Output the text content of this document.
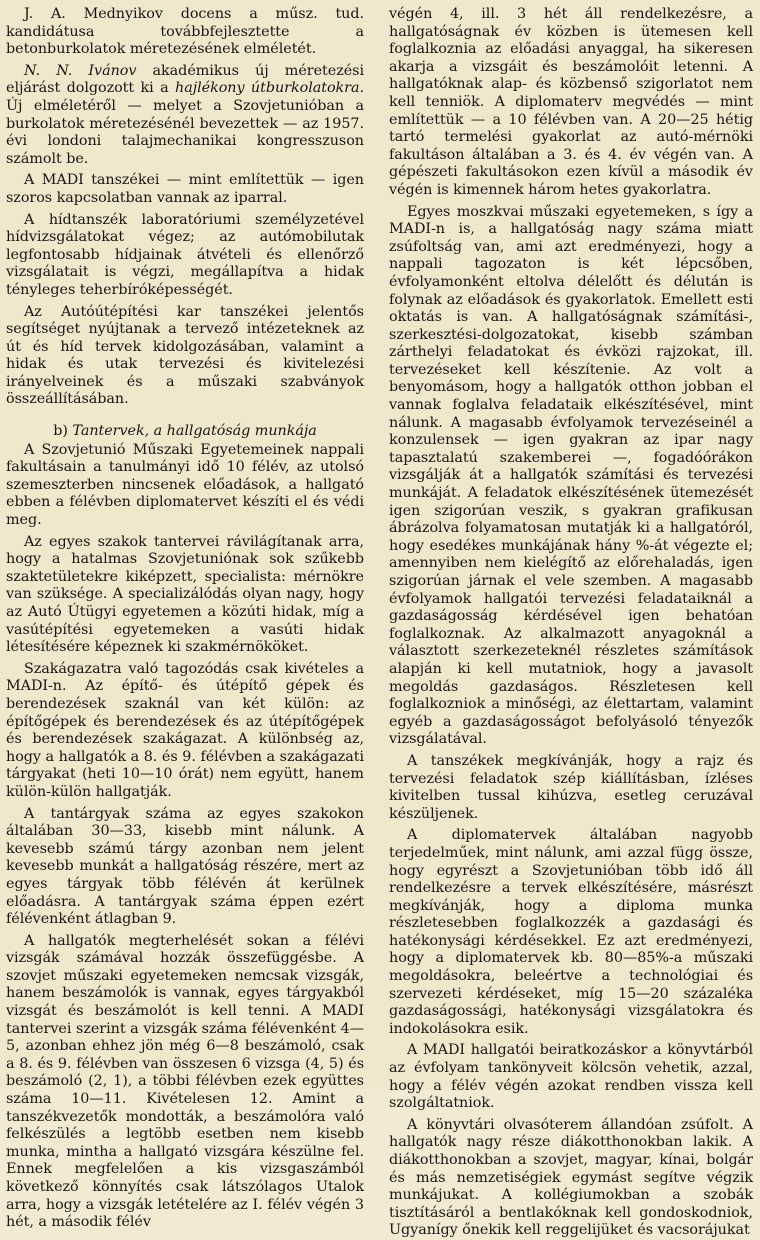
J. A. Mednyikov docens a műsz. tud. kandidátusa továbbfejlesztette a betonburkolatok méretezésének elméletét.

N. N. Ivánov akadémikus új méretezési eljárást dolgozott ki a hajlékony útburkolatokra. Új elméletéről — melyet a Szovjetunióban a burkolatok méretezésénél bevezettek — az 1957. évi londoni talajmechanikai kongresszuson számolt be.

A MADI tanszékei — mint említettük — igen szoros kapcsolatban vannak az iparral.

A hídtanszék laboratóriumi személyzetével hídvizsgálatokat végez; az autómobilutak legfontosabb hídjainak átvételi és ellenőrző vizsgálatait is végzi, megállapítva a hidak tényleges teherbíróképességét.

Az Autóútépítési kar tanszékei jelentős segítséget nyújtanak a tervező intézeteknek az út és híd tervek kidolgozásában, valamint a hidak és utak tervezési és kivitelezési irányelveinek és a műszaki szabványok összeállításában.

b) Tantervek, a hallgatóság munkája

A Szovjetunió Műszaki Egyetemeinek nappali fakultásain a tanulmányi idő 10 félév, az utolsó szemeszterben nincsenek előadások, a hallgató ebben a félévben diplomatervet készíti el és védi meg.

Az egyes szakok tantervei rávilágítanak arra, hogy a hatalmas Szovjetuniónak sok szűkebb szaktetületekre kiképzett, specialista: mérnökre van szüksége. A specializálódás olyan nagy, hogy az Autó Útügyi egyetemen a közúti hidak, míg a vasútépítési egyetemeken a vasúti hidak létesítésére képeznek ki szakmérnököket.

Szakágazatra való tagozódás csak kivételes a MADI-n. Az építő- és útépítő gépek és berendezések szaknál van két külön: az építőgépek és berendezések és az útépítőgépek és berendezések szakágazat. A különbség az, hogy a hallgatók a 8. és 9. félévben a szakágazati tárgyakat (heti 10—10 órát) nem együtt, hanem külön-külön hallgatják.

A tantárgyak száma az egyes szakokon általában 30—33, kisebb mint nálunk. A kevesebb számú tárgy azonban nem jelent kevesebb munkát a hallgatóság részére, mert az egyes tárgyak több félévén át kerülnek előadásra. A tantárgyak száma éppen ezért félévenként átlagban 9.

A hallgatók megterhelését sokan a félévi vizsgák számával hozzák összefüggésbe. A szovjet műszaki egyetemeken nemcsak vizsgák, hanem beszámolók is vannak, egyes tárgyakból vizsgát és beszámolót is kell tenni. A MADI tantervei szerint a vizsgák száma félévenként 4—5, azonban ehhez jön még 6—8 beszámoló, csak a 8. és 9. félévben van összesen 6 vizsga (4, 5) és beszámoló (2, 1), a többi félévben ezek együttes száma 10—11. Kivételesen 12. Amint a tanszékvezetők mondották, a beszámolóra való felkészülés a legtöbb esetben nem kisebb munka, mintha a hallgató vizsgára készülne fel. Ennek megfelelően a kis vizsgaszámból következő könnyítés csak látszólagos Utalok arra, hogy a vizsgák letételére az I. félév végén 3 hét, a második félév

végén 4, ill. 3 hét áll rendelkezésre, a hallgatóságnak év közben is ütemesen kell foglalkoznia az előadási anyaggal, ha sikeresen akarja a vizsgáit és beszámolóit letenni. A hallgatóknak alap- és közbenső szigorlatot nem kell tenniök. A diplomaterv megvédés — mint említettük — a 10 félévben van. A 20—25 hétig tartó termelési gyakorlat az autó-mérnöki fakultáson általában a 3. és 4. év végén van. A gépészeti fakultásokon ezen kívül a második év végén is kimennek három hetes gyakorlatra.

Egyes moszkvai műszaki egyetemeken, s így a MADI-n is, a hallgatóság nagy száma miatt zsúfoltság van, ami azt eredményezi, hogy a nappali tagozaton is két lépcsőben, évfolyamonként eltolva délelőtt és délután is folynak az előadások és gyakorlatok. Emellett esti oktatás is van. A hallgatóságnak számítási-, szerkesztési-dolgozatokat, kisebb számban zárthelyi feladatokat és évközi rajzokat, ill. tervezéseket kell készítenie. Az volt a benyomásom, hogy a hallgatók otthon jobban el vannak foglalva feladataik elkészítésével, mint nálunk. A magasabb évfolyamok tervezéseinél a konzulensek — igen gyakran az ipar nagy tapasztalatú szakemberei —, fogadóórákon vizsgálják át a hallgatók számítási és tervezési munkáját. A feladatok elkészítésének ütemezését igen szigorúan veszik, s gyakran grafikusan ábrázolva folyamatosan mutatják ki a hallgatóról, hogy esedékes munkájának hány %-át végezte el; amennyiben nem kielégítő az előrehaladás, igen szigorúan járnak el vele szemben. A magasabb évfolyamok hallgatói tervezési feladataiknál a gazdaságosság kérdésével igen behatóan foglalkoznak. Az alkalmazott anyagoknál a választott szerkezeteknél részletes számítások alapján ki kell mutatniok, hogy a javasolt megoldás gazdaságos. Részletesen kell foglalkozniok a minőségi, az élettartam, valamint egyéb a gazdaságosságot befolyásoló tényezők vizsgálatával.

A tanszékek megkívánják, hogy a rajz és tervezési feladatok szép kiállításban, ízléses kivitelben tussal kihúzva, esetleg ceruzával készüljenek.

A diplomatervek általában nagyobb terjedelműek, mint nálunk, ami azzal függ össze, hogy egyrészt a Szovjetunióban több idő áll rendelkezésre a tervek elkészítésére, másrészt megkívánják, hogy a diploma munka részletesebben foglalkozzék a gazdasági és hatékonysági kérdésekkel. Ez azt eredményezi, hogy a diplomatervek kb. 80—85%-a műszaki megoldásokra, beleértve a technológiai és szervezeti kérdéseket, míg 15—20 százaléka gazdaságossági, hatékonysági vizsgálatokra és indokolásokra esik.

A MADI hallgatói beiratkozáskor a könyvtárból az évfolyam tankönyveit kölcsön vehetik, azzal, hogy a félév végén azokat rendben vissza kell szolgáltatniok.

A könyvtári olvasóterem állandóan zsúfolt. A hallgatók nagy része diákotthonokban lakik. A diákotthonokban a szovjet, magyar, kínai, bolgár és más nemzetiségiek egymást segítve végzik munkájukat. A kollégiumokban a szobák tisztításáról a bentlakóknak kell gondoskodniok, Ugyanígy őnekik kell reggelijüket és vacsorájukat
